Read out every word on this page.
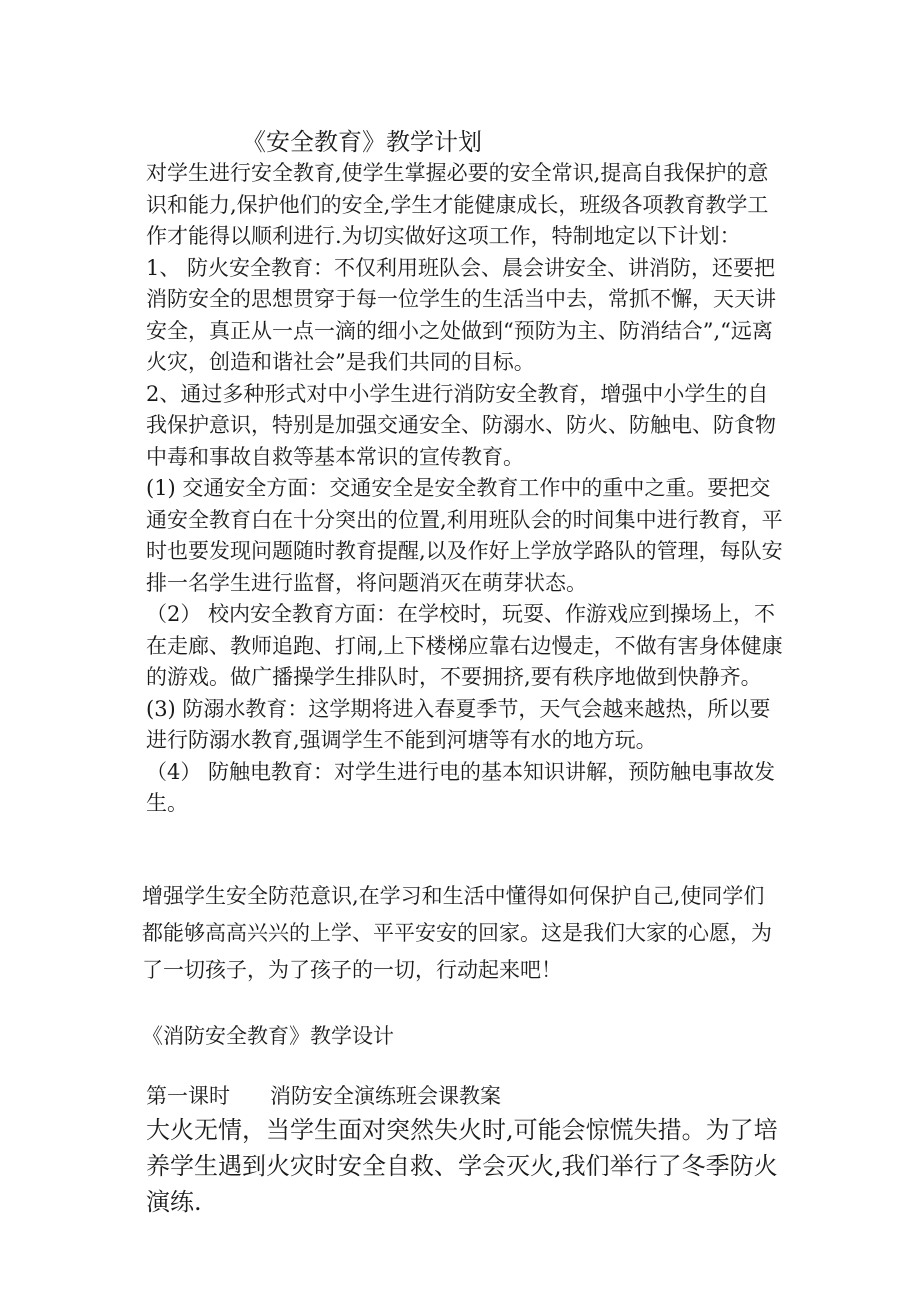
《安全教育》教学计划

对学生进行安全教育,使学生掌握必要的安全常识,提高自我保护的意识和能力,保护他们的安全,学生才能健康成长，班级各项教育教学工作才能得以顺利进行.为切实做好这项工作，特制地定以下计划：

1、 防火安全教育：不仅利用班队会、晨会讲安全、讲消防，还要把消防安全的思想贯穿于每一位学生的生活当中去，常抓不懈，天天讲安全，真正从一点一滴的细小之处做到“预防为主、防消结合”,“远离火灾，创造和谐社会”是我们共同的目标。

2、通过多种形式对中小学生进行消防安全教育，增强中小学生的自我保护意识，特别是加强交通安全、防溺水、防火、防触电、防食物中毒和事故自救等基本常识的宣传教育。

(1) 交通安全方面：交通安全是安全教育工作中的重中之重。要把交通安全教育白在十分突出的位置,利用班队会的时间集中进行教育，平时也要发现问题随时教育提醒,以及作好上学放学路队的管理，每队安排一名学生进行监督，将问题消灭在萌芽状态。

（2） 校内安全教育方面：在学校时，玩耍、作游戏应到操场上，不在走廊、教师追跑、打闹,上下楼梯应靠右边慢走，不做有害身体健康的游戏。做广播操学生排队时，不要拥挤,要有秩序地做到快静齐。

(3) 防溺水教育：这学期将进入春夏季节，天气会越来越热，所以要进行防溺水教育,强调学生不能到河塘等有水的地方玩。

（4） 防触电教育：对学生进行电的基本知识讲解，预防触电事故发生。

增强学生安全防范意识,在学习和生活中懂得如何保护自己,使同学们都能够高高兴兴的上学、平平安安的回家。这是我们大家的心愿，为了一切孩子，为了孩子的一切，行动起来吧！
《消防安全教育》教学设计
第一课时      消防安全演练班会课教案
大火无情，当学生面对突然失火时,可能会惊慌失措。为了培养学生遇到火灾时安全自救、学会灭火,我们举行了冬季防火演练.
